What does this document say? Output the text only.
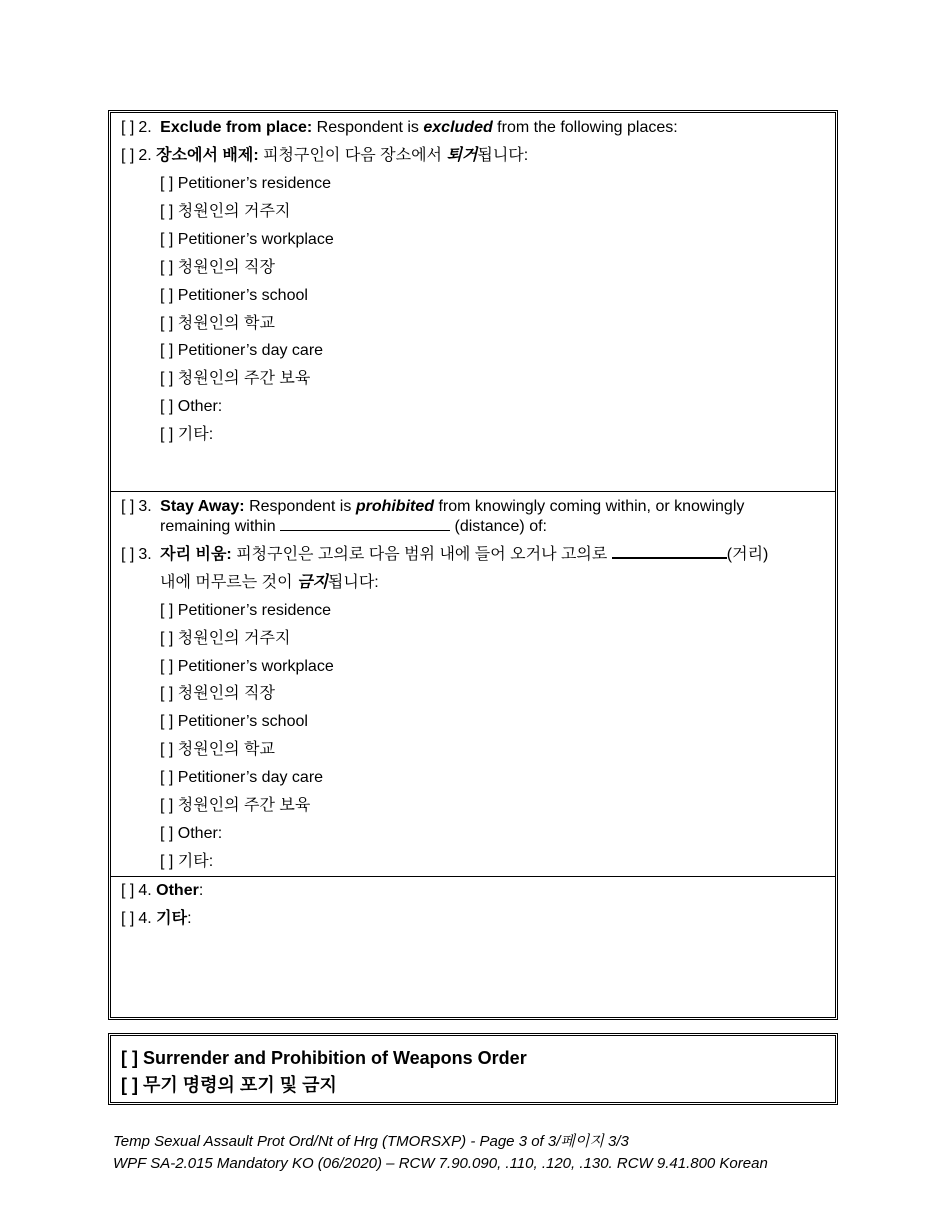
[ ] 2. Exclude from place: Respondent is excluded from the following places:
[ ] 2. 장소에서 배제: 피청구인이 다음 장소에서 퇴거됩니다:
[ ] Petitioner’s residence
[ ] 청원인의 거주지
[ ] Petitioner’s workplace
[ ] 청원인의 직장
[ ] Petitioner’s school
[ ] 청원인의 학교
[ ] Petitioner’s day care
[ ] 청원인의 주간 보육
[ ] Other:
[ ] 기타:
[ ] 3. Stay Away: Respondent is prohibited from knowingly coming within, or knowingly
remaining within	(distance) of:
[ ] 3. 자리 비움: 피청구인은 고의로 다음 범위 내에 들어 오거나 고의로	(거리)
내에 머무르는 것이 금지됩니다:
[ ] Petitioner’s residence
[ ] 청원인의 거주지
[ ] Petitioner’s workplace
[ ] 청원인의 직장
[ ] Petitioner’s school
[ ] 청원인의 학교
[ ] Petitioner’s day care
[ ] 청원인의 주간 보육
[ ] Other:
[ ] 기타:
[ ] 4. Other:
[ ] 4. 기타:
[ ] Surrender and Prohibition of Weapons Order
[ ] 무기 명령의 포기 및 금지
Temp Sexual Assault Prot Ord/Nt of Hrg (TMORSXP) - Page 3 of 3/페이지 3/3
WPF SA-2.015 Mandatory KO (06/2020) – RCW 7.90.090, .110, .120, .130. RCW 9.41.800 Korean
